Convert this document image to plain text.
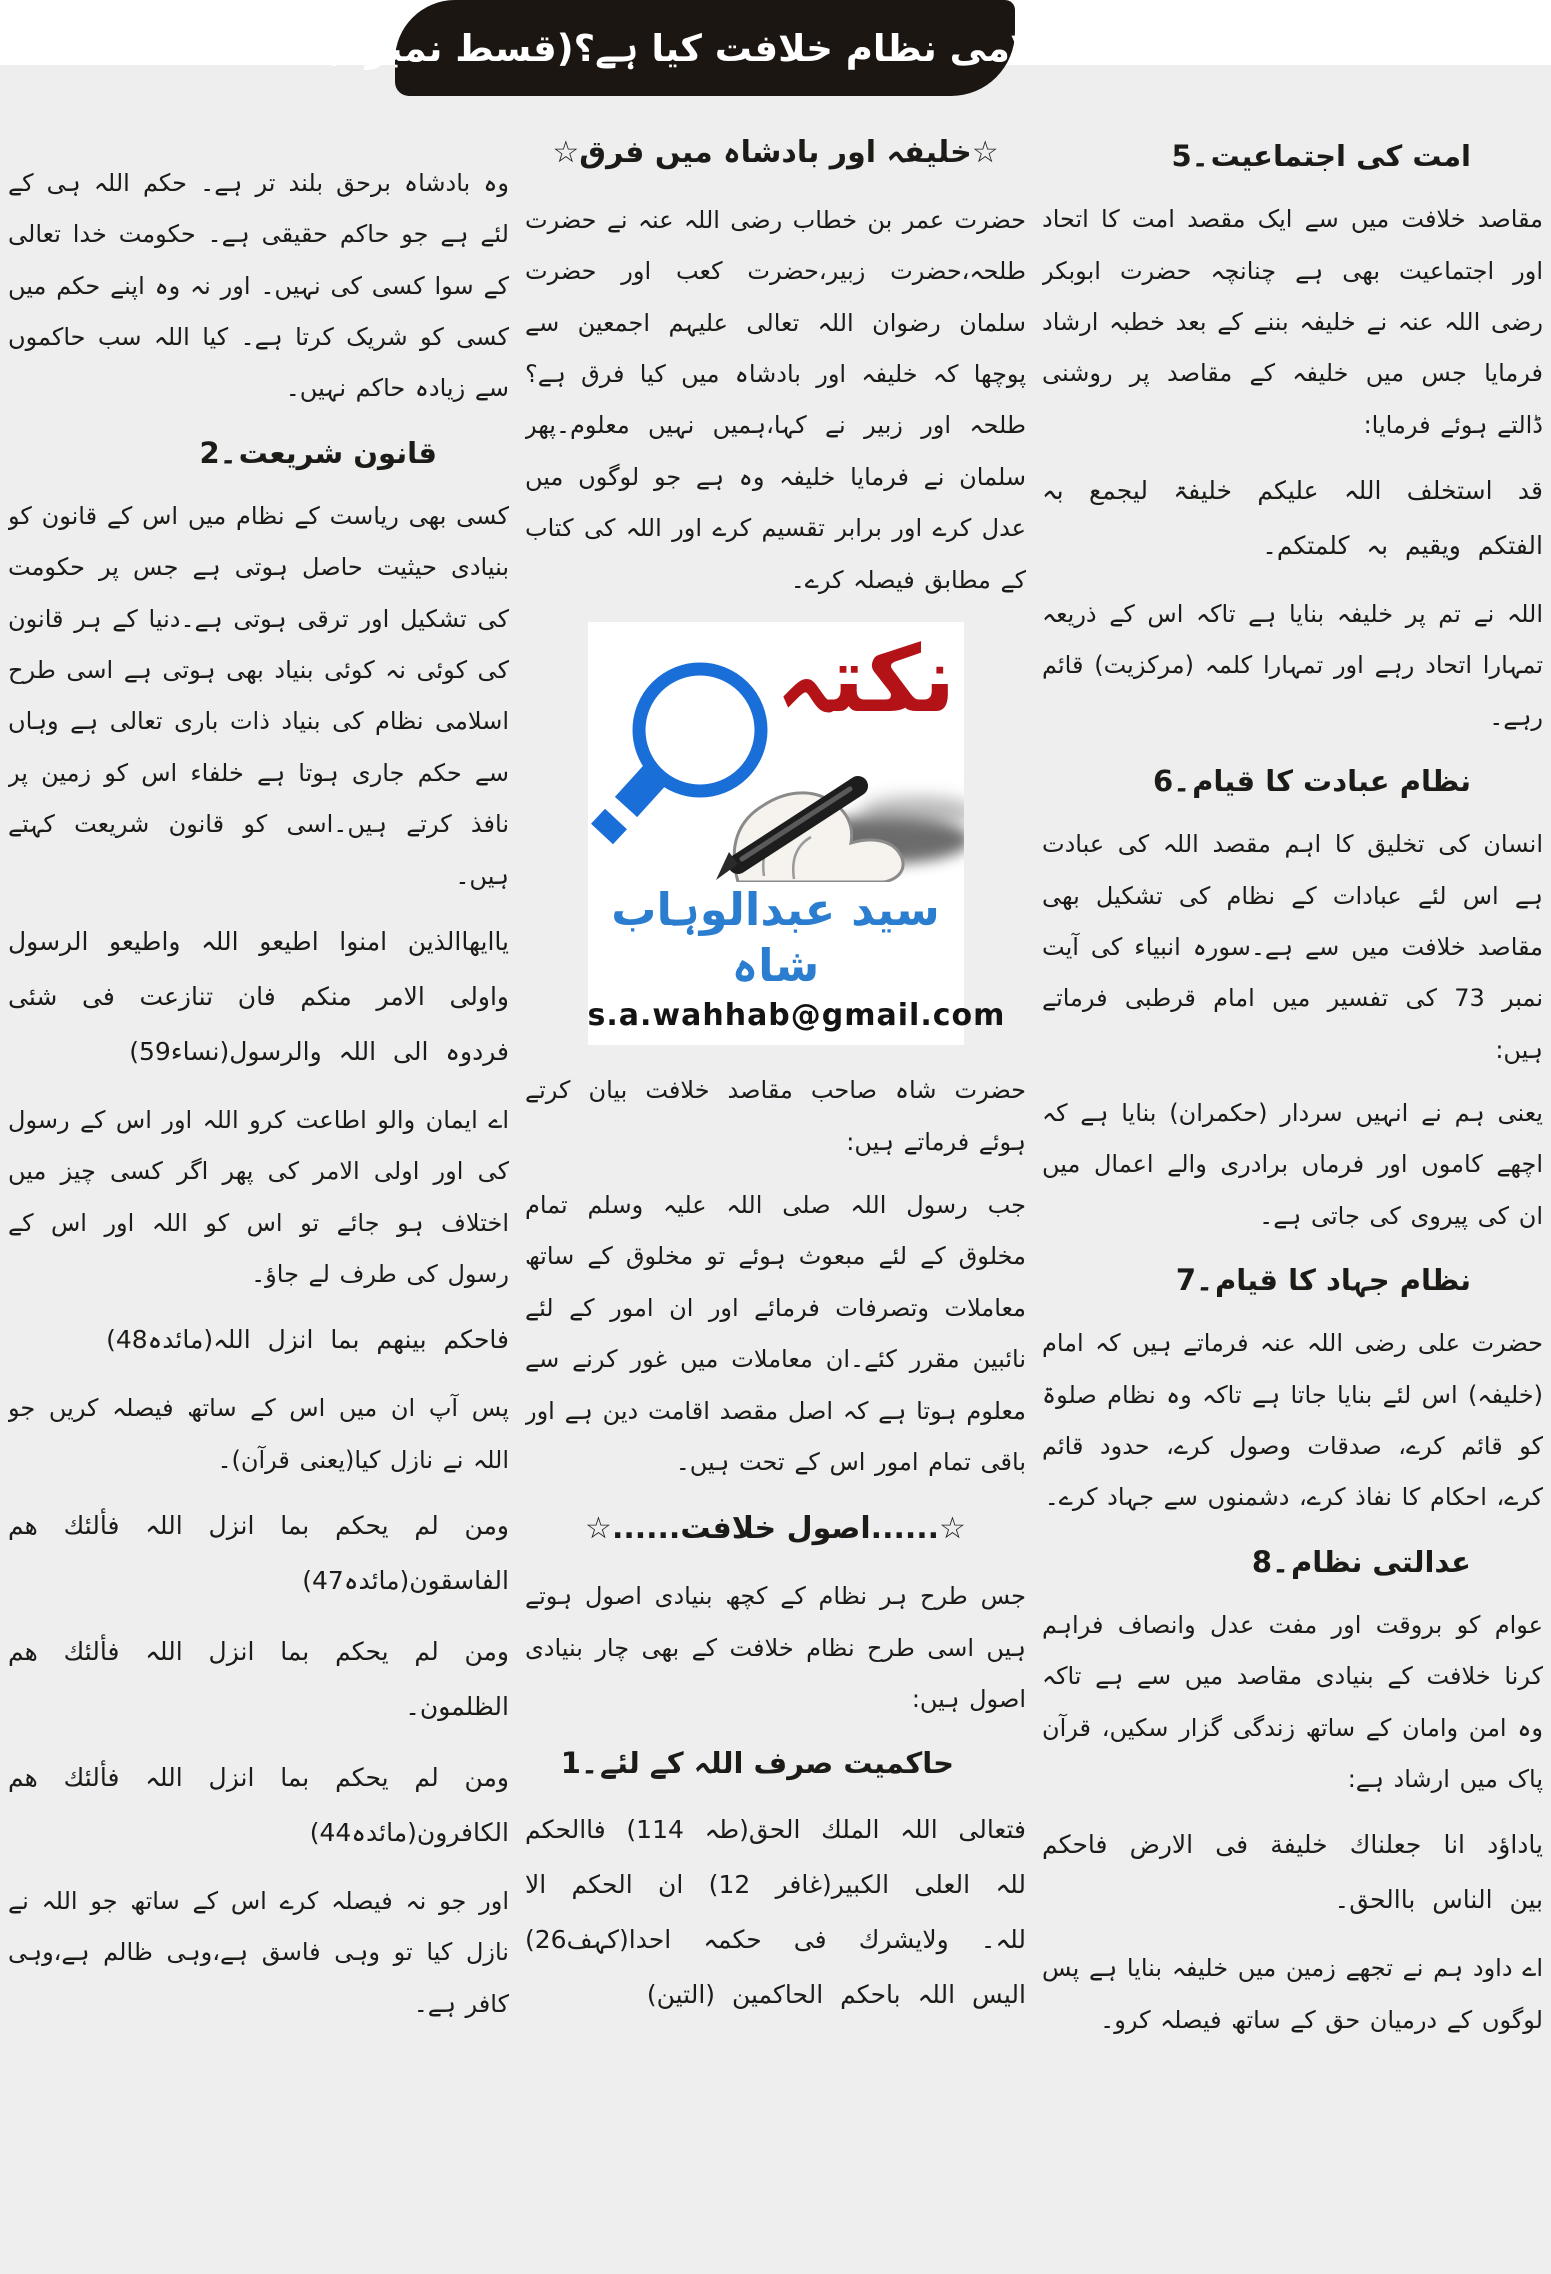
اسلامی نظام خلافت کیا ہے؟(قسط نمبر3)
امت کی اجتماعیت5۔

مقاصد خلافت میں سے ایک مقصد امت کا اتحاد اور اجتماعیت بھی ہے چنانچہ حضرت ابوبکر رضی اللہ عنہ نے خلیفہ بننے کے بعد خطبہ ارشاد فرمایا جس میں خلیفہ کے مقاصد پر روشنی ڈالتے ہوئے فرمایا:

قد استخلف اللہ علیکم خلیفۃ لیجمع بہ الفتکم ویقیم بہ کلمتکم۔

اللہ نے تم پر خلیفہ بنایا ہے تاکہ اس کے ذریعہ تمہارا اتحاد رہے اور تمہارا کلمہ (مرکزیت) قائم رہے۔

نظام عبادت کا قیام6۔

انسان کی تخلیق کا اہم مقصد اللہ کی عبادت ہے اس لئے عبادات کے نظام کی تشکیل بھی مقاصد خلافت میں سے ہے۔سورہ انبیاء کی آیت نمبر 73 کی تفسیر میں امام قرطبی فرماتے ہیں:

یعنی ہم نے انہیں سردار (حکمران) بنایا ہے کہ اچھے کاموں اور فرماں برادری والے اعمال میں ان کی پیروی کی جاتی ہے۔

نظام جہاد کا قیام7۔

حضرت علی رضی اللہ عنہ فرماتے ہیں کہ امام (خلیفہ) اس لئے بنایا جاتا ہے تاکہ وہ نظام صلوۃ کو قائم کرے، صدقات وصول کرے، حدود قائم کرے، احکام کا نفاذ کرے، دشمنوں سے جہاد کرے۔

عدالتی نظام8۔

عوام کو بروقت اور مفت عدل وانصاف فراہم کرنا خلافت کے بنیادی مقاصد میں سے ہے تاکہ وہ امن وامان کے ساتھ زندگی گزار سکیں، قرآن پاک میں ارشاد ہے:

یاداؤد انا جعلناك خلیفة فی الارض فاحکم بین الناس باالحق۔

اے داود ہم نے تجھے زمین میں خلیفہ بنایا ہے پس لوگوں کے درمیان حق کے ساتھ فیصلہ کرو۔

☆خلیفہ اور بادشاہ میں فرق☆

حضرت عمر بن خطاب رضی اللہ عنہ نے حضرت طلحہ،حضرت زبیر،حضرت کعب اور حضرت سلمان رضوان اللہ تعالی علیہم اجمعین سے پوچھا کہ خلیفہ اور بادشاہ میں کیا فرق ہے؟طلحہ اور زبیر نے کہا،ہمیں نہیں معلوم۔پھر سلمان نے فرمایا خلیفہ وہ ہے جو لوگوں میں عدل کرے اور برابر تقسیم کرے اور اللہ کی کتاب کے مطابق فیصلہ کرے۔

نکتہ
سید عبدالوہاب شاہ
s.a.wahhab@gmail.com

حضرت شاہ صاحب مقاصد خلافت بیان کرتے ہوئے فرماتے ہیں:

جب رسول اللہ صلی اللہ علیہ وسلم تمام مخلوق کے لئے مبعوث ہوئے تو مخلوق کے ساتھ معاملات وتصرفات فرمائے اور ان امور کے لئے نائبین مقرر کئے۔ان معاملات میں غور کرنے سے معلوم ہوتا ہے کہ اصل مقصد اقامت دین ہے اور باقی تمام امور اس کے تحت ہیں۔

☆......اصول خلافت......☆

جس طرح ہر نظام کے کچھ بنیادی اصول ہوتے ہیں اسی طرح نظام خلافت کے بھی چار بنیادی اصول ہیں:

حاکمیت صرف اللہ کے لئے1۔

فتعالی اللہ الملك الحق(طہ 114) فاالحکم للہ العلی الکبیر(غافر 12) ان الحکم الا للہ۔ ولایشرك فی حکمہ احدا(کہف26) الیس اللہ باحکم الحاکمین (التین)

وہ بادشاہ برحق بلند تر ہے۔ حکم اللہ ہی کے لئے ہے جو حاکم حقیقی ہے۔ حکومت خدا تعالی کے سوا کسی کی نہیں۔ اور نہ وہ اپنے حکم میں کسی کو شریک کرتا ہے۔ کیا اللہ سب حاکموں سے زیادہ حاکم نہیں۔

قانون شریعت2۔

کسی بھی ریاست کے نظام میں اس کے قانون کو بنیادی حیثیت حاصل ہوتی ہے جس پر حکومت کی تشکیل اور ترقی ہوتی ہے۔دنیا کے ہر قانون کی کوئی نہ کوئی بنیاد بھی ہوتی ہے اسی طرح اسلامی نظام کی بنیاد ذات باری تعالی ہے وہاں سے حکم جاری ہوتا ہے خلفاء اس کو زمین پر نافذ کرتے ہیں۔اسی کو قانون شریعت کہتے ہیں۔

یاایھاالذین امنوا اطیعو اللہ واطیعو الرسول واولی الامر منکم فان تنازعت فی شئی فردوہ الی اللہ والرسول(نساء59)

اے ایمان والو اطاعت کرو اللہ اور اس کے رسول کی اور اولی الامر کی پھر اگر کسی چیز میں اختلاف ہو جائے تو اس کو اللہ اور اس کے رسول کی طرف لے جاؤ۔

فاحکم بینھم بما انزل اللہ(مائدہ48)

پس آپ ان میں اس کے ساتھ فیصلہ کریں جو اللہ نے نازل کیا(یعنی قرآن)۔

ومن لم یحکم بما انزل اللہ فألئك ھم الفاسقون(مائدہ47)

ومن لم یحکم بما انزل اللہ فألئك ھم الظلمون۔

ومن لم یحکم بما انزل اللہ فألئك ھم الکافرون(مائدہ44)

اور جو نہ فیصلہ کرے اس کے ساتھ جو اللہ نے نازل کیا تو وہی فاسق ہے،وہی ظالم ہے،وہی کافر ہے۔
